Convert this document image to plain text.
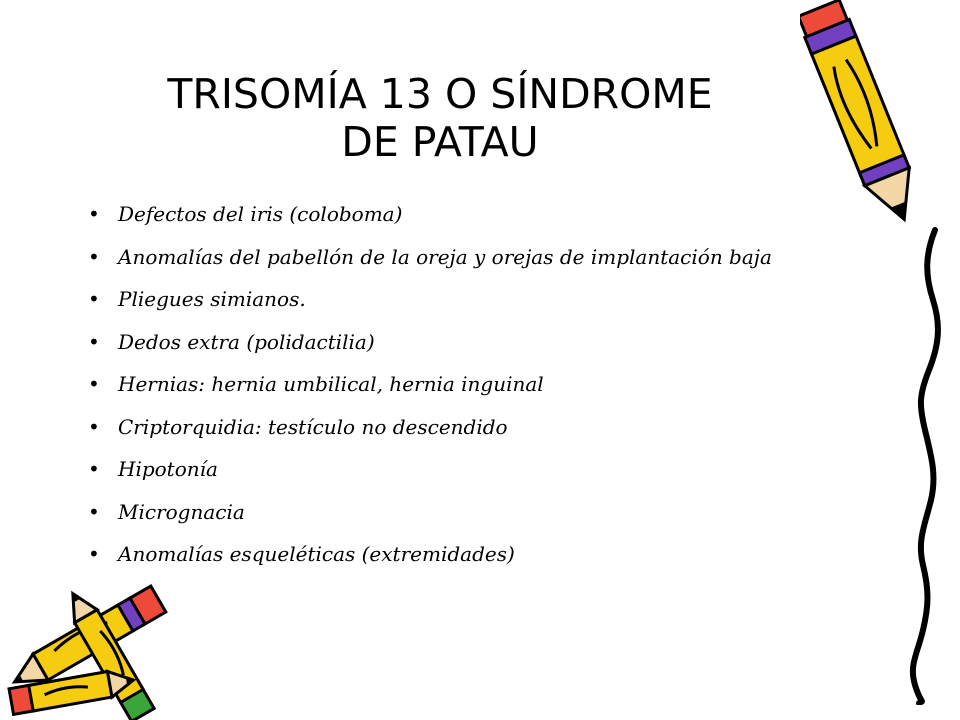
TRISOMÍA 13 O SÍNDROME
DE PATAU
• Defectos del iris (coloboma)
• Anomalías del pabellón de la oreja y orejas de implantación baja
• Pliegues simianos.
• Dedos extra (polidactilia)
• Hernias: hernia umbilical, hernia inguinal
• Criptorquidia: testículo no descendido
• Hipotonía
• Micrognacia
• Anomalías esqueléticas (extremidades)
